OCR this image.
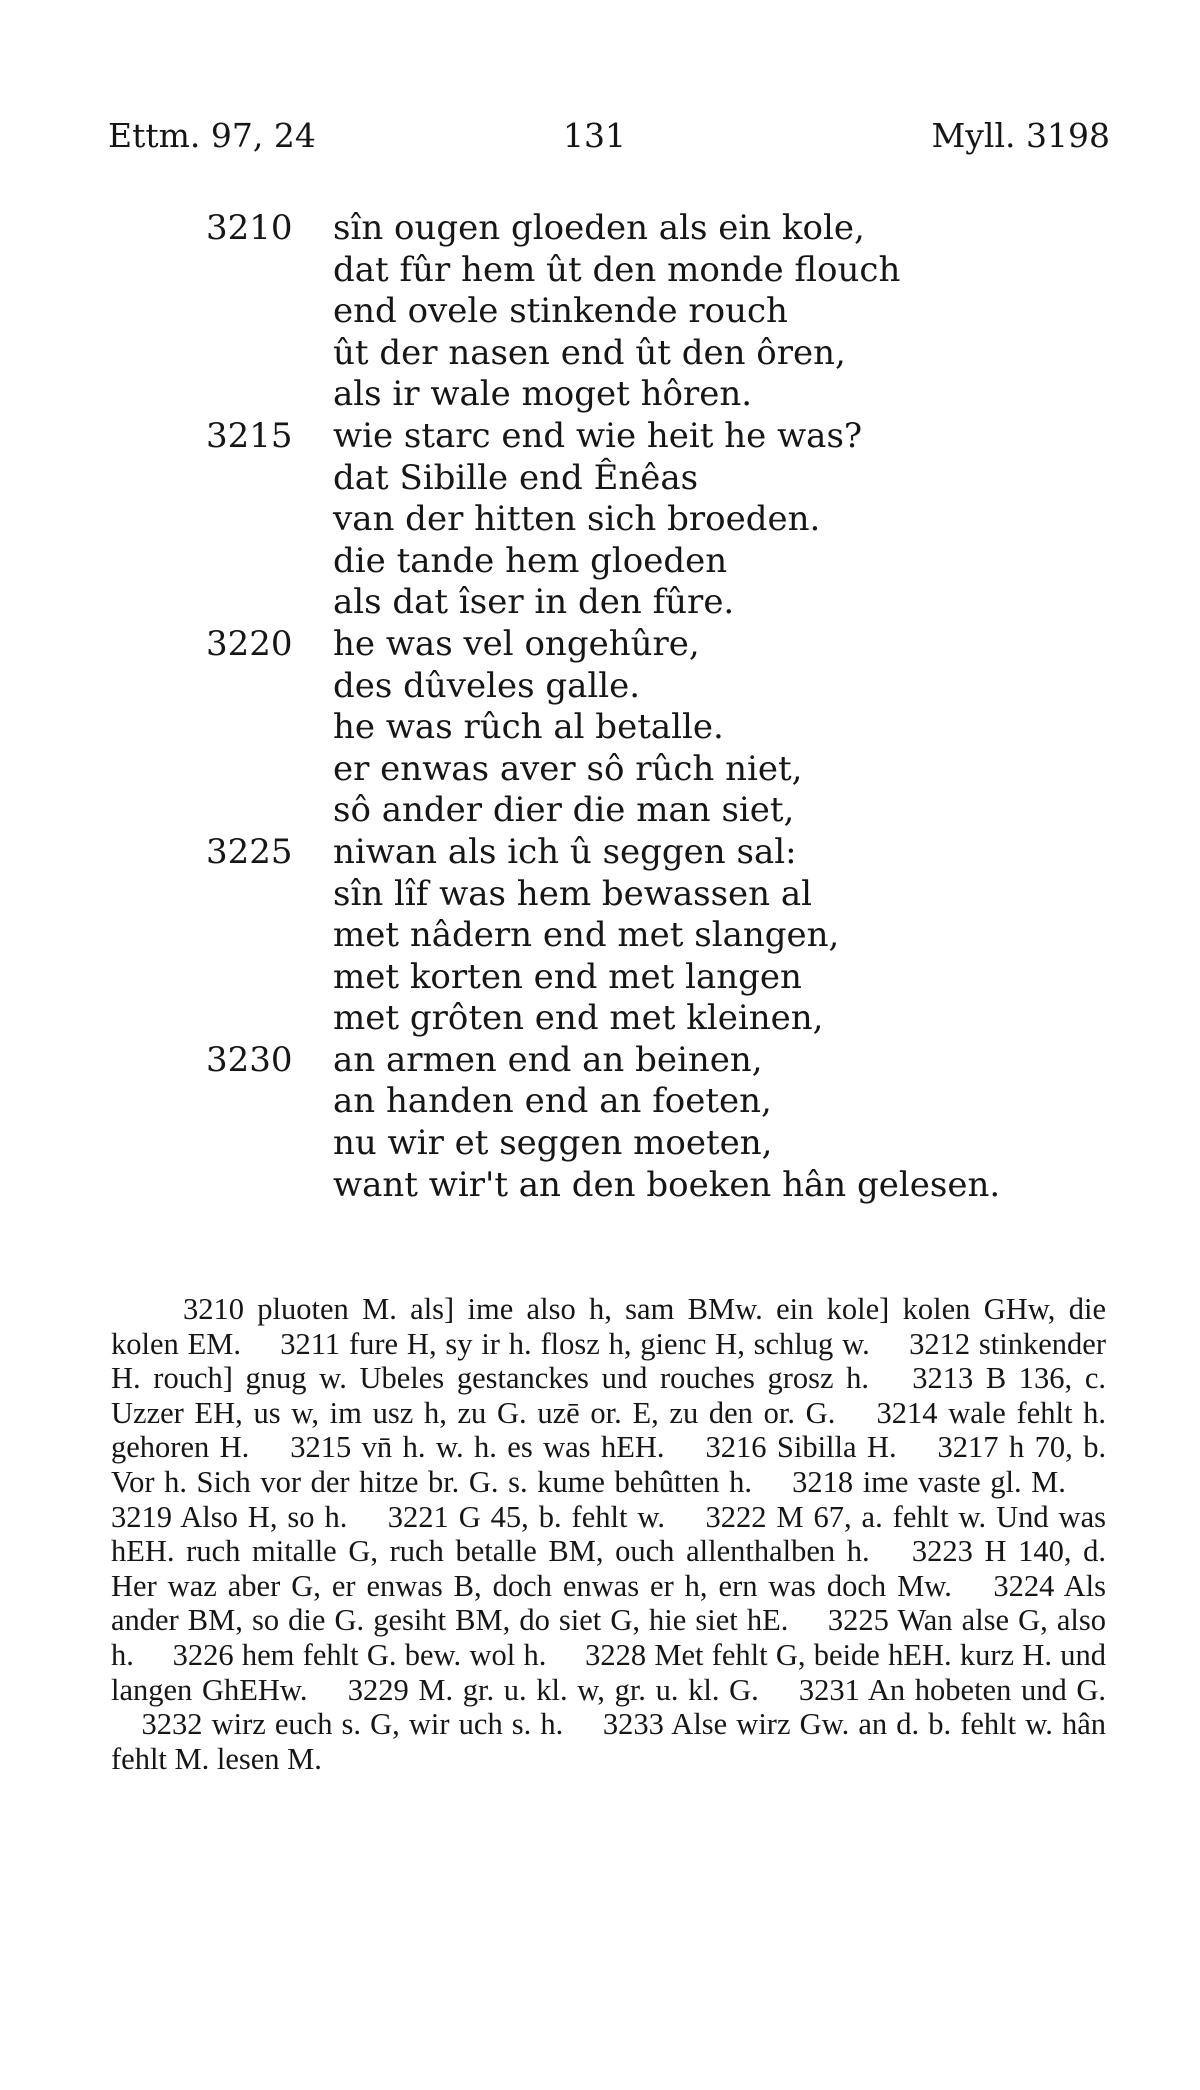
Ettm. 97, 24	131	Myll. 3198
3210 sîn ougen gloeden als ein kole,
dat fûr hem ût den monde flouch
end ovele stinkende rouch
ût der nasen end ût den ôren,
als ir wale moget hôren.
3215 wie starc end wie heit he was?
dat Sibille end Ênêas
van der hitten sich broeden.
die tande hem gloeden
als dat îser in den fûre.
3220 he was vel ongehûre,
des dûveles galle.
he was rûch al betalle.
er enwas aver sô rûch niet,
sô ander dier die man siet,
3225 niwan als ich û seggen sal:
sîn lîf was hem bewassen al
met nâdern end met slangen,
met korten end met langen
met grôten end met kleinen,
3230 an armen end an beinen,
an handen end an foeten,
nu wir et seggen moeten,
want wir't an den boeken hân gelesen.

3210 pluoten M. als] ime also h, sam BMw. ein kole] kolen GHw, die kolen EM. 3211 fure H, sy ir h. flosz h, gienc H, schlug w. 3212 stinkender H. rouch] gnug w. Ubeles gestanckes und rouches grosz h. 3213 B 136, c. Uzzer EH, us w, im usz h, zu G. uzē or. E, zu den or. G. 3214 wale fehlt h. gehoren H. 3215 vn̄ h. w. h. es was hEH. 3216 Sibilla H. 3217 h 70, b. Vor h. Sich vor der hitze br. G. s. kume behûtten h. 3218 ime vaste gl. M. 3219 Also H, so h. 3221 G 45, b. fehlt w. 3222 M 67, a. fehlt w. Und was hEH. ruch mitalle G, ruch betalle BM, ouch allenthalben h. 3223 H 140, d. Her waz aber G, er enwas B, doch enwas er h, ern was doch Mw. 3224 Als ander BM, so die G. gesiht BM, do siet G, hie siet hE. 3225 Wan alse G, also h. 3226 hem fehlt G. bew. wol h. 3228 Met fehlt G, beide hEH. kurz H. und langen GhEHw. 3229 M. gr. u. kl. w, gr. u. kl. G. 3231 An hobeten und G. 3232 wirz euch s. G, wir uch s. h. 3233 Alse wirz Gw. an d. b. fehlt w. hân fehlt M. lesen M.
